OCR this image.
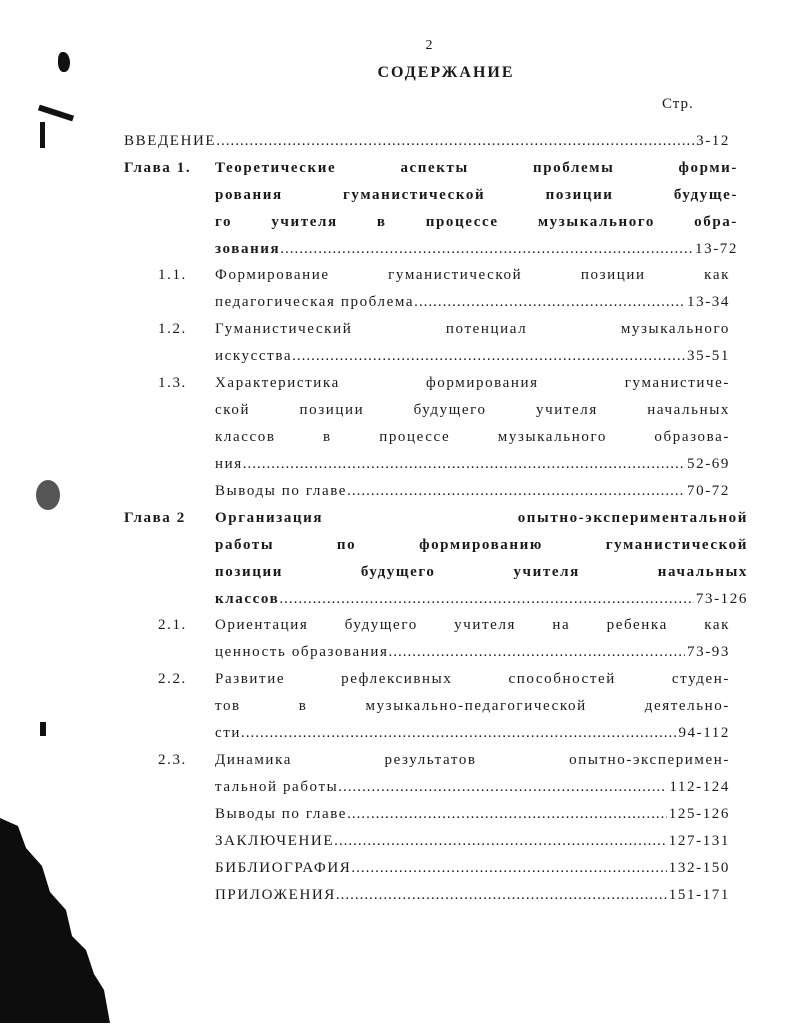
2
СОДЕРЖАНИЕ
Стр.
ВВЕДЕНИЕ .....	3-12
Глава 1. Теоретические аспекты проблемы форми-
рования гуманистической позиции будуще-
го учителя в процессе музыкального обра-
зования .....	13-72
1.1. Формирование гуманистической позиции как
педагогическая проблема .....	13-34
1.2. Гуманистический потенциал музыкального
искусства .....	35-51
1.3. Характеристика формирования гуманистиче-
ской позиции будущего учителя начальных
классов в процессе музыкального образова-
ния .....	52-69
Выводы по главе .....	70-72
Глава 2 Организация опытно-экспериментальной
работы по формированию гуманистической
позиции будущего учителя начальных
классов .....	73-126
2.1. Ориентация будущего учителя на ребенка как
ценность образования .....	73-93
2.2. Развитие рефлексивных способностей студен-
тов в музыкально-педагогической деятельно-
сти .....	94-112
2.3. Динамика результатов опытно-эксперимен-
тальной работы .....	112-124
Выводы по главе .....	125-126
ЗАКЛЮЧЕНИЕ .....	127-131
БИБЛИОГРАФИЯ .....	132-150
ПРИЛОЖЕНИЯ .....	151-171
